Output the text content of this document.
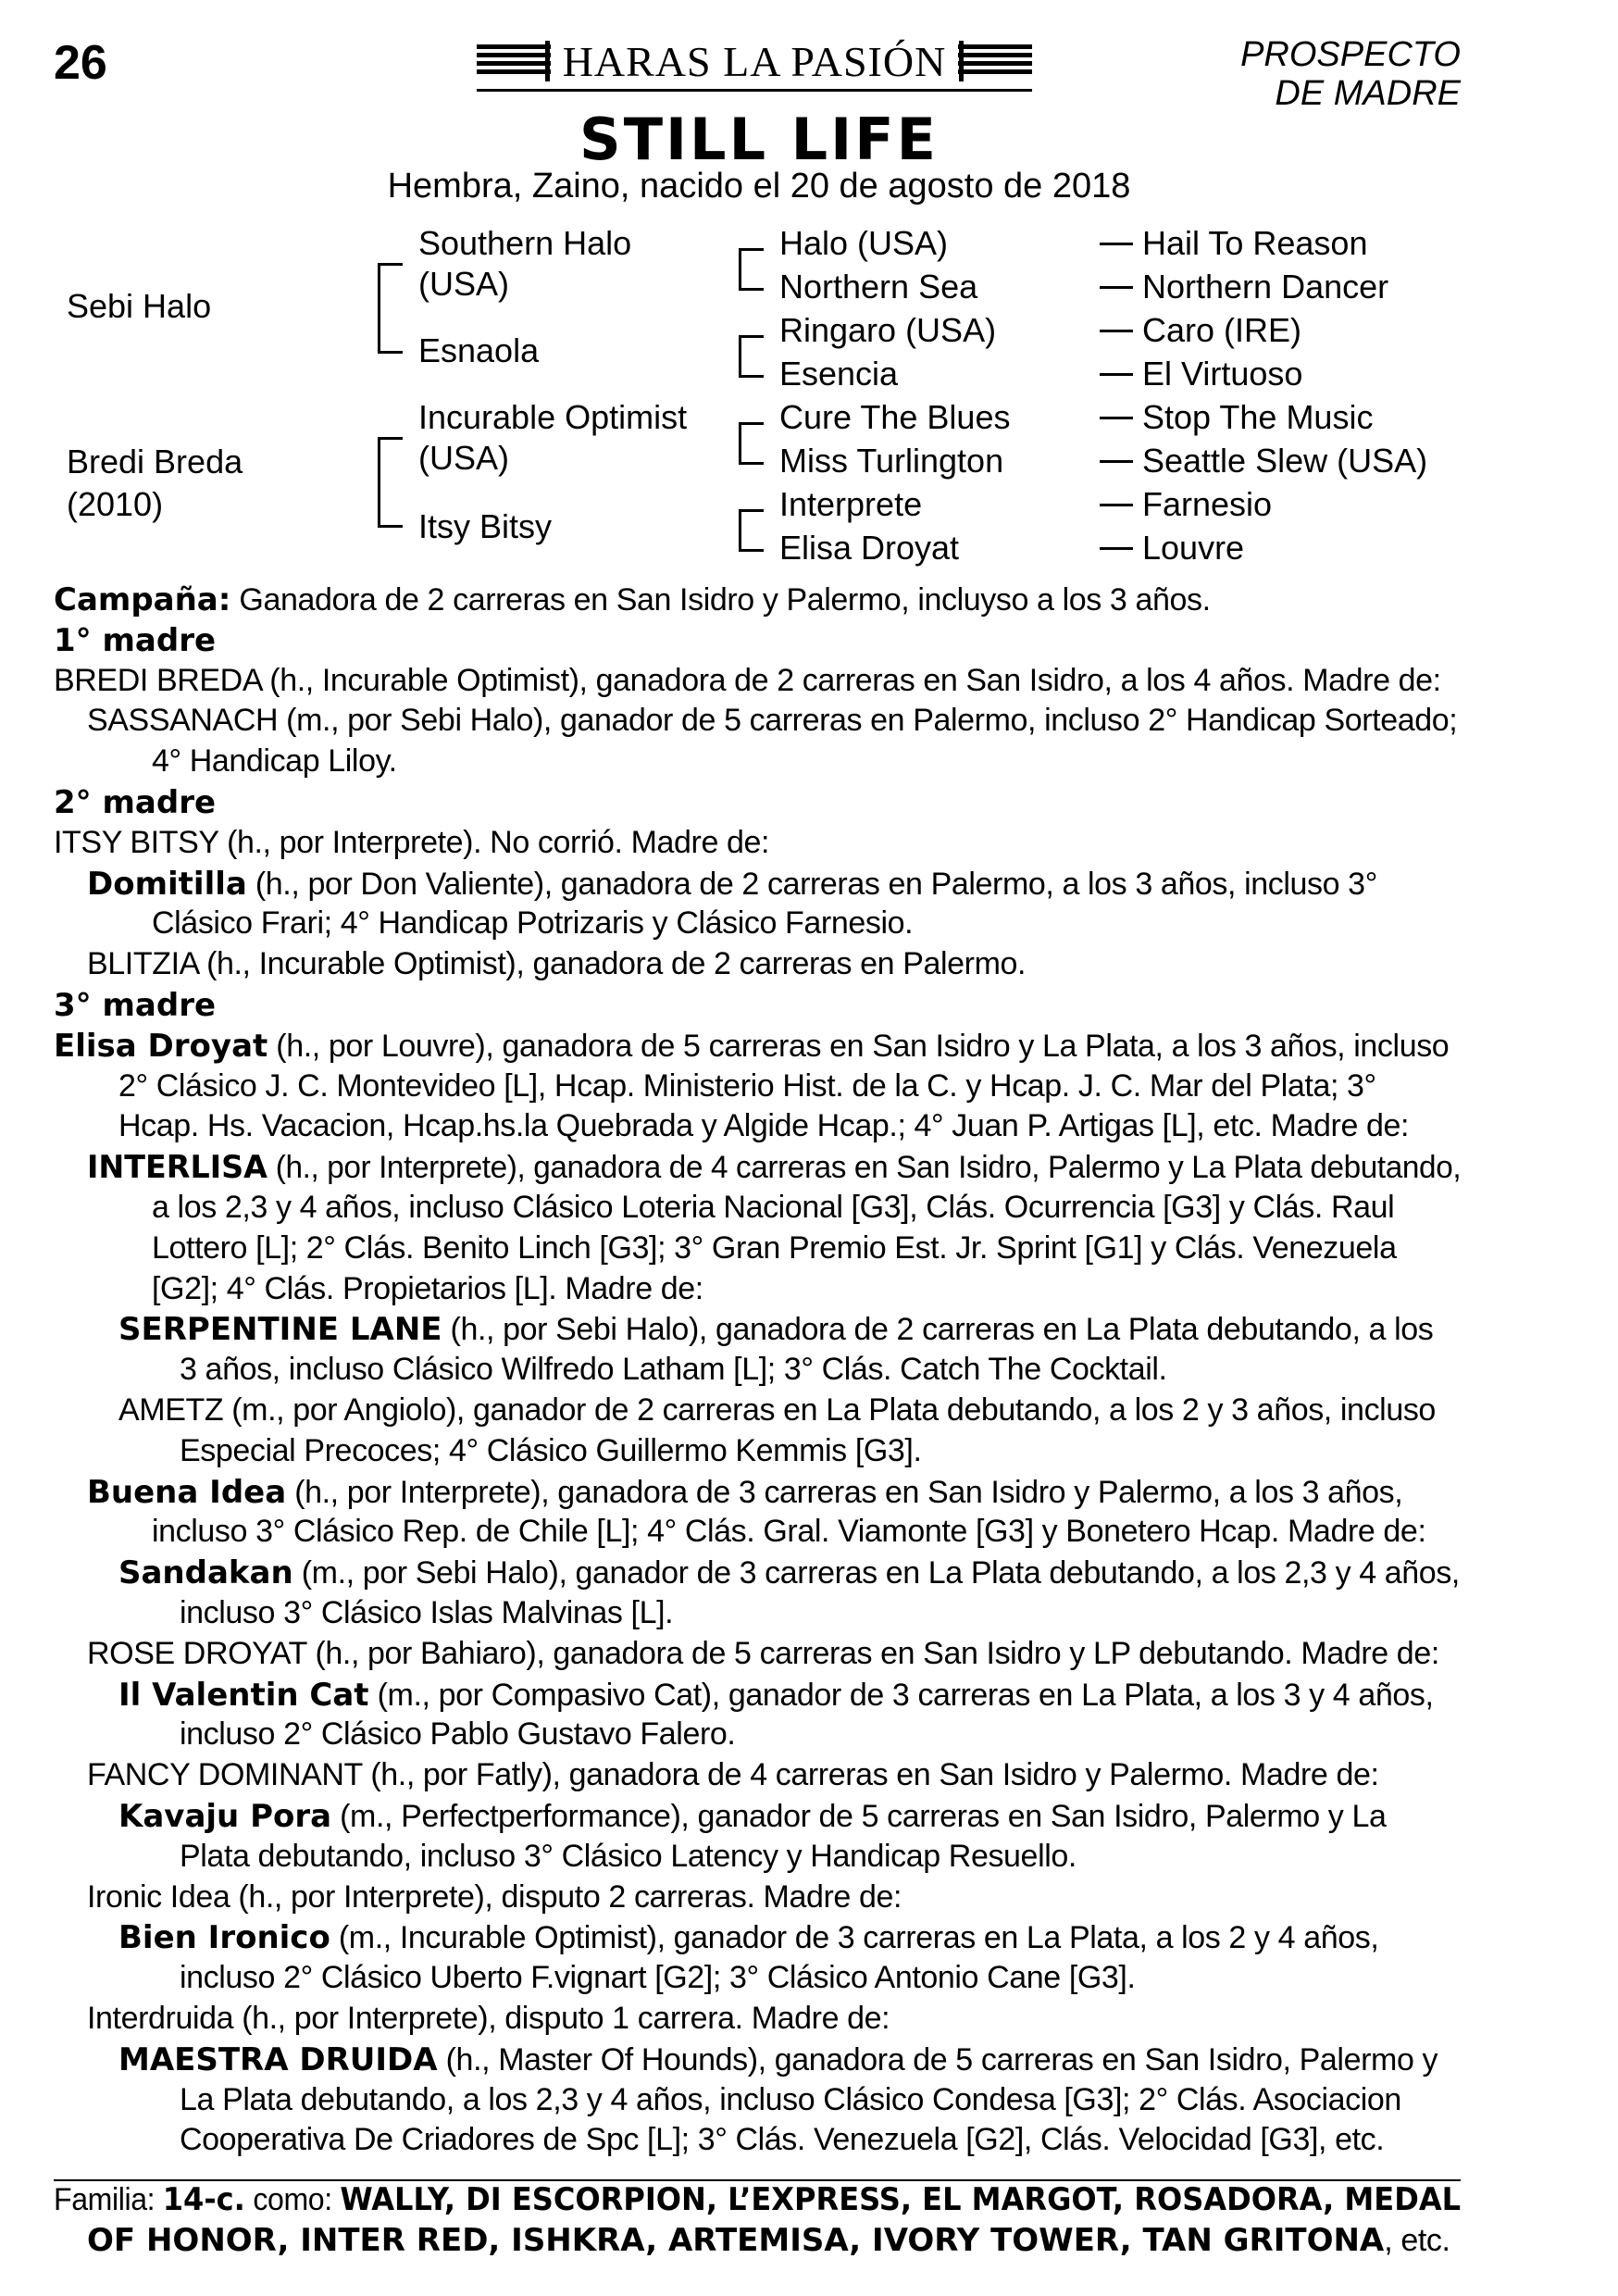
26	HARAS LA PASIÓN	PROSPECTO
DE MADRE
STILL LIFE
Hembra, Zaino, nacido el 20 de agosto de 2018
Sebi Halo
Bredi Breda
(2010)
Southern Halo
(USA)
Esnaola
Incurable Optimist
(USA)
Itsy Bitsy
Halo (USA)
Northern Sea
Ringaro (USA)
Esencia
Cure The Blues
Miss Turlington
Interprete
Elisa Droyat
Hail To Reason
Northern Dancer
Caro (IRE)
El Virtuoso
Stop The Music
Seattle Slew (USA)
Farnesio
Louvre
Campaña: Ganadora de 2 carreras en San Isidro y Palermo, incluyso a los 3 años.
1° madre
BREDI BREDA (h., Incurable Optimist), ganadora de 2 carreras en San Isidro, a los 4 años. Madre de:
SASSANACH (m., por Sebi Halo), ganador de 5 carreras en Palermo, incluso 2° Handicap Sorteado;
4° Handicap Liloy.
2° madre
ITSY BITSY (h., por Interprete). No corrió. Madre de:
Domitilla (h., por Don Valiente), ganadora de 2 carreras en Palermo, a los 3 años, incluso 3°
Clásico Frari; 4° Handicap Potrizaris y Clásico Farnesio.
BLITZIA (h., Incurable Optimist), ganadora de 2 carreras en Palermo.
3° madre
Elisa Droyat (h., por Louvre), ganadora de 5 carreras en San Isidro y La Plata, a los 3 años, incluso
2° Clásico J. C. Montevideo [L], Hcap. Ministerio Hist. de la C. y Hcap. J. C. Mar del Plata; 3°
Hcap. Hs. Vacacion, Hcap.hs.la Quebrada y Algide Hcap.; 4° Juan P. Artigas [L], etc. Madre de:
INTERLISA (h., por Interprete), ganadora de 4 carreras en San Isidro, Palermo y La Plata debutando,
a los 2,3 y 4 años, incluso Clásico Loteria Nacional [G3], Clás. Ocurrencia [G3] y Clás. Raul
Lottero [L]; 2° Clás. Benito Linch [G3]; 3° Gran Premio Est. Jr. Sprint [G1] y Clás. Venezuela
[G2]; 4° Clás. Propietarios [L]. Madre de:
SERPENTINE LANE (h., por Sebi Halo), ganadora de 2 carreras en La Plata debutando, a los
3 años, incluso Clásico Wilfredo Latham [L]; 3° Clás. Catch The Cocktail.
AMETZ (m., por Angiolo), ganador de 2 carreras en La Plata debutando, a los 2 y 3 años, incluso
Especial Precoces; 4° Clásico Guillermo Kemmis [G3].
Buena Idea (h., por Interprete), ganadora de 3 carreras en San Isidro y Palermo, a los 3 años,
incluso 3° Clásico Rep. de Chile [L]; 4° Clás. Gral. Viamonte [G3] y Bonetero Hcap. Madre de:
Sandakan (m., por Sebi Halo), ganador de 3 carreras en La Plata debutando, a los 2,3 y 4 años,
incluso 3° Clásico Islas Malvinas [L].
ROSE DROYAT (h., por Bahiaro), ganadora de 5 carreras en San Isidro y LP debutando. Madre de:
Il Valentin Cat (m., por Compasivo Cat), ganador de 3 carreras en La Plata, a los 3 y 4 años,
incluso 2° Clásico Pablo Gustavo Falero.
FANCY DOMINANT (h., por Fatly), ganadora de 4 carreras en San Isidro y Palermo. Madre de:
Kavaju Pora (m., Perfectperformance), ganador de 5 carreras en San Isidro, Palermo y La
Plata debutando, incluso 3° Clásico Latency y Handicap Resuello.
Ironic Idea (h., por Interprete), disputo 2 carreras. Madre de:
Bien Ironico (m., Incurable Optimist), ganador de 3 carreras en La Plata, a los 2 y 4 años,
incluso 2° Clásico Uberto F.vignart [G2]; 3° Clásico Antonio Cane [G3].
Interdruida (h., por Interprete), disputo 1 carrera. Madre de:
MAESTRA DRUIDA (h., Master Of Hounds), ganadora de 5 carreras en San Isidro, Palermo y
La Plata debutando, a los 2,3 y 4 años, incluso Clásico Condesa [G3]; 2° Clás. Asociacion
Cooperativa De Criadores de Spc [L]; 3° Clás. Venezuela [G2], Clás. Velocidad [G3], etc.
Familia: 14-c. como: WALLY, DI ESCORPION, L’EXPRESS, EL MARGOT, ROSADORA, MEDAL
OF HONOR, INTER RED, ISHKRA, ARTEMISA, IVORY TOWER, TAN GRITONA, etc.
